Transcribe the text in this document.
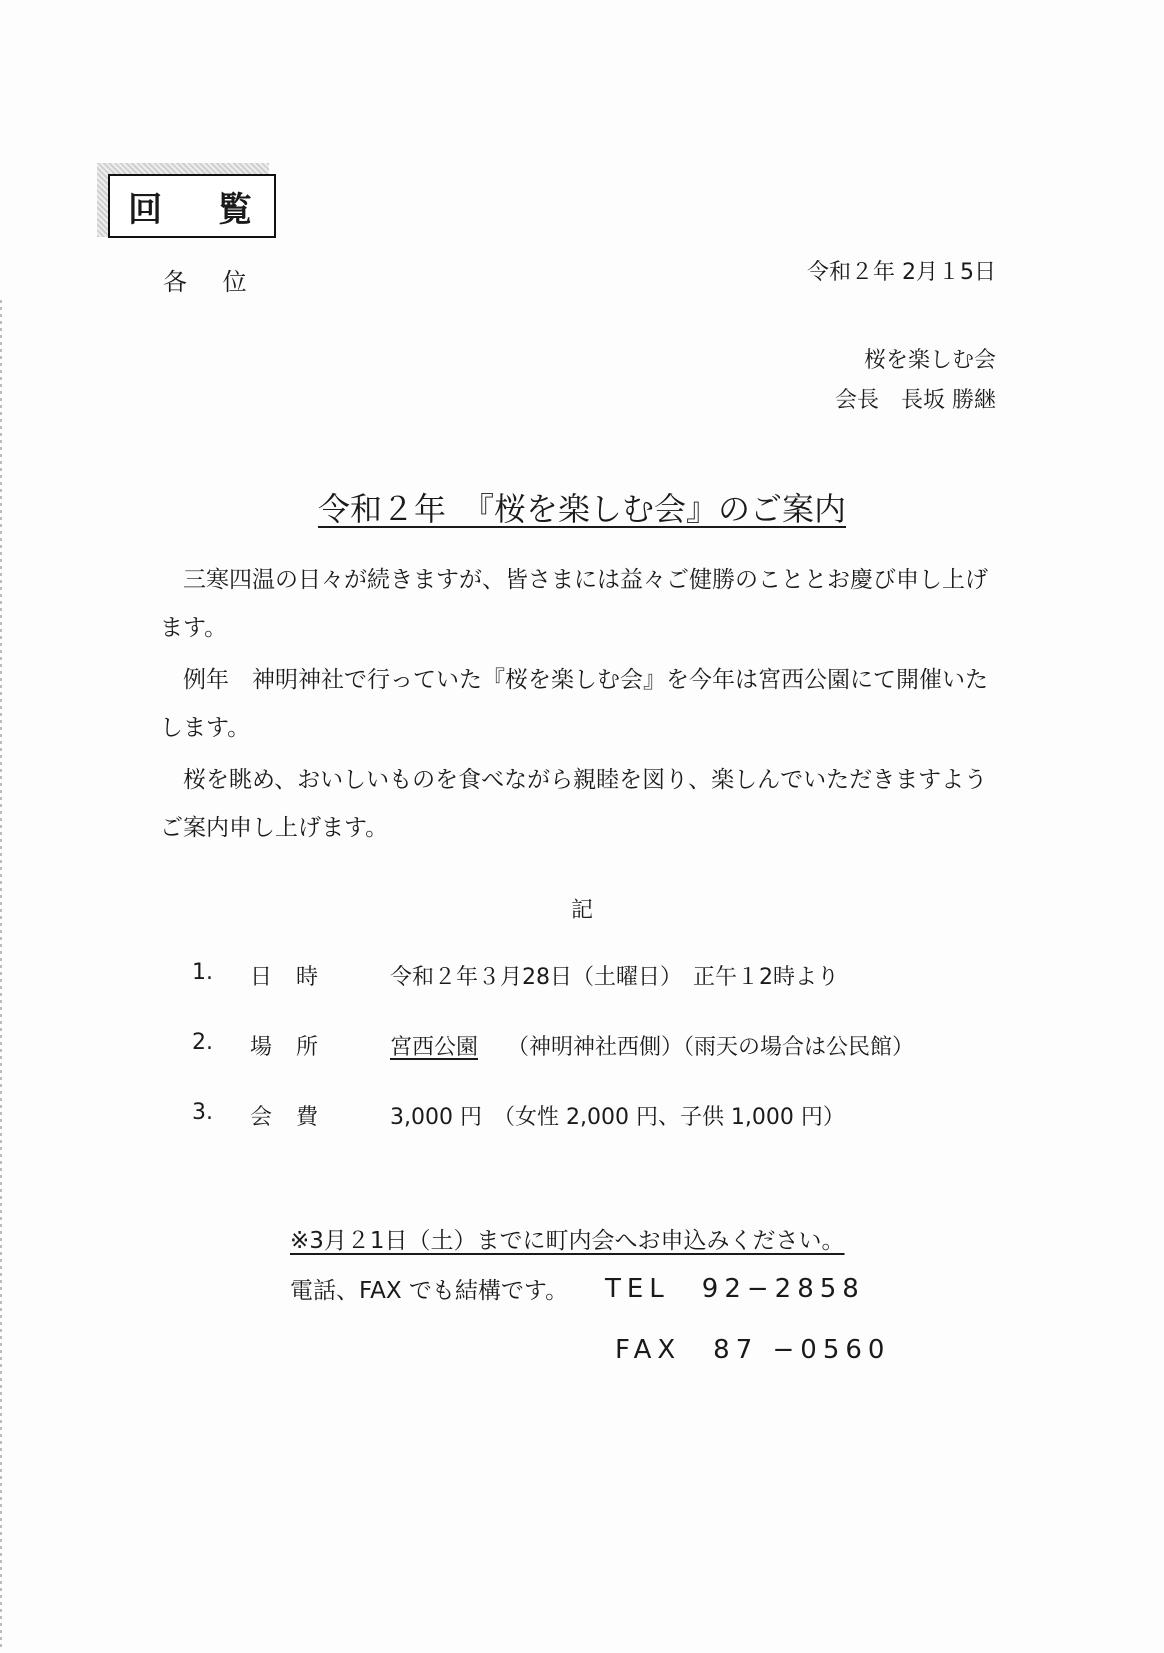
回 覧
各 位	令和２年 2月１5日
桜を楽しむ会
会長　長坂 勝継
令和２年　『桜を楽しむ会』のご案内

三寒四温の日々が続きますが、皆さまには益々ご健勝のこととお慶び申し上げます。

例年　神明神社で行っていた『桜を楽しむ会』を今年は宮西公園にて開催いたします。

桜を眺め、おいしいものを食べながら親睦を図り、楽しんでいただきますようご案内申し上げます。

記
1. 日時 令和２年３月28日（土曜日）　正午１2時より
2. 場所 宮西公園 （神明神社西側）（雨天の場合は公民館）
3. 会費 3,000 円　（女性 2,000 円、子供 1,000 円）
※3月２1日（土）までに町内会へお申込みください。
電話、FAX でも結構です。 TEL　92−2858
FAX　87 −0560
